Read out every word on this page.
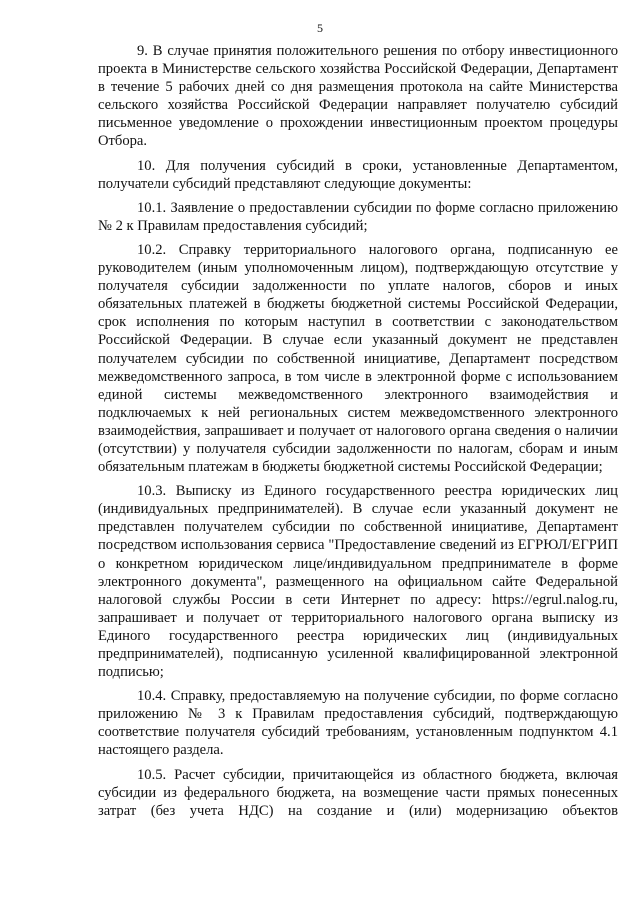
5

9. В случае принятия положительного решения по отбору инвестиционного проекта в Министерстве сельского хозяйства Российской Федерации, Департамент в течение 5 рабочих дней со дня размещения протокола на сайте Министерства сельского хозяйства Российской Федерации направляет получателю субсидий письменное уведомление о прохождении инвестиционным проектом процедуры Отбора.

10. Для получения субсидий в сроки, установленные Департаментом, получатели субсидий представляют следующие документы:

10.1. Заявление о предоставлении субсидии по форме согласно приложению № 2 к Правилам предоставления субсидий;

10.2. Справку территориального налогового органа, подписанную ее руководителем (иным уполномоченным лицом), подтверждающую отсутствие у получателя субсидии задолженности по уплате налогов, сборов и иных обязательных платежей в бюджеты бюджетной системы Российской Федерации, срок исполнения по которым наступил в соответствии с законодательством Российской Федерации. В случае если указанный документ не представлен получателем субсидии по собственной инициативе, Департамент посредством межведомственного запроса, в том числе в электронной форме с использованием единой системы межведомственного электронного взаимодействия и подключаемых к ней региональных систем межведомственного электронного взаимодействия, запрашивает и получает от налогового органа сведения о наличии (отсутствии) у получателя субсидии задолженности по налогам, сборам и иным обязательным платежам в бюджеты бюджетной системы Российской Федерации;

10.3. Выписку из Единого государственного реестра юридических лиц (индивидуальных предпринимателей). В случае если указанный документ не представлен получателем субсидии по собственной инициативе, Департамент посредством использования сервиса "Предоставление сведений из ЕГРЮЛ/ЕГРИП о конкретном юридическом лице/индивидуальном предпринимателе в форме электронного документа", размещенного на официальном сайте Федеральной налоговой службы России в сети Интернет по адресу: https://egrul.nalog.ru, запрашивает и получает от территориального налогового органа выписку из Единого государственного реестра юридических лиц (индивидуальных предпринимателей), подписанную усиленной квалифицированной электронной подписью;

10.4. Справку, предоставляемую на получение субсидии, по форме согласно приложению № 3 к Правилам предоставления субсидий, подтверждающую соответствие получателя субсидий требованиям, установленным подпунктом 4.1 настоящего раздела.

10.5. Расчет субсидии, причитающейся из областного бюджета, включая субсидии из федерального бюджета, на возмещение части прямых понесенных затрат (без учета НДС) на создание и (или) модернизацию объектов
